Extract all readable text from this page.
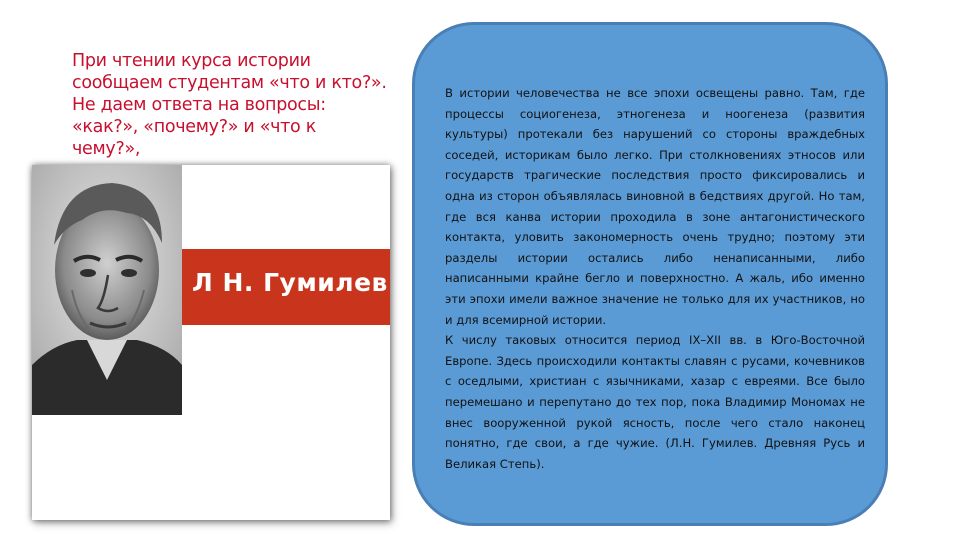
При чтении курса истории
сообщаем студентам «что и кто?».
Не даем ответа на вопросы:
«как?», «почему?» и «что к
чему?»,
Л Н. Гумилев

В истории человечества не все эпохи освещены равно. Там, где процессы социогенеза, этногенеза и ноогенеза (развития культуры) протекали без нарушений со стороны враждебных соседей, историкам было легко. При столкновениях этносов или государств трагические последствия просто фиксировались и одна из сторон объявлялась виновной в бедствиях другой. Но там, где вся канва истории проходила в зоне антагонистического контакта, уловить закономерность очень трудно; поэтому эти разделы истории остались либо ненаписанными, либо написанными крайне бегло и поверхностно. А жаль, ибо именно эти эпохи имели важное значение не только для их участников, но и для всемирной истории.

К числу таковых относится период IX–XII вв. в Юго-Восточной Европе. Здесь происходили контакты славян с русами, кочевников с оседлыми, христиан с язычниками, хазар с евреями. Все было перемешано и перепутано до тех пор, пока Владимир Мономах не внес вооруженной рукой ясность, после чего стало наконец понятно, где свои, а где чужие. (Л.Н. Гумилев. Древняя Русь и Великая Степь).
